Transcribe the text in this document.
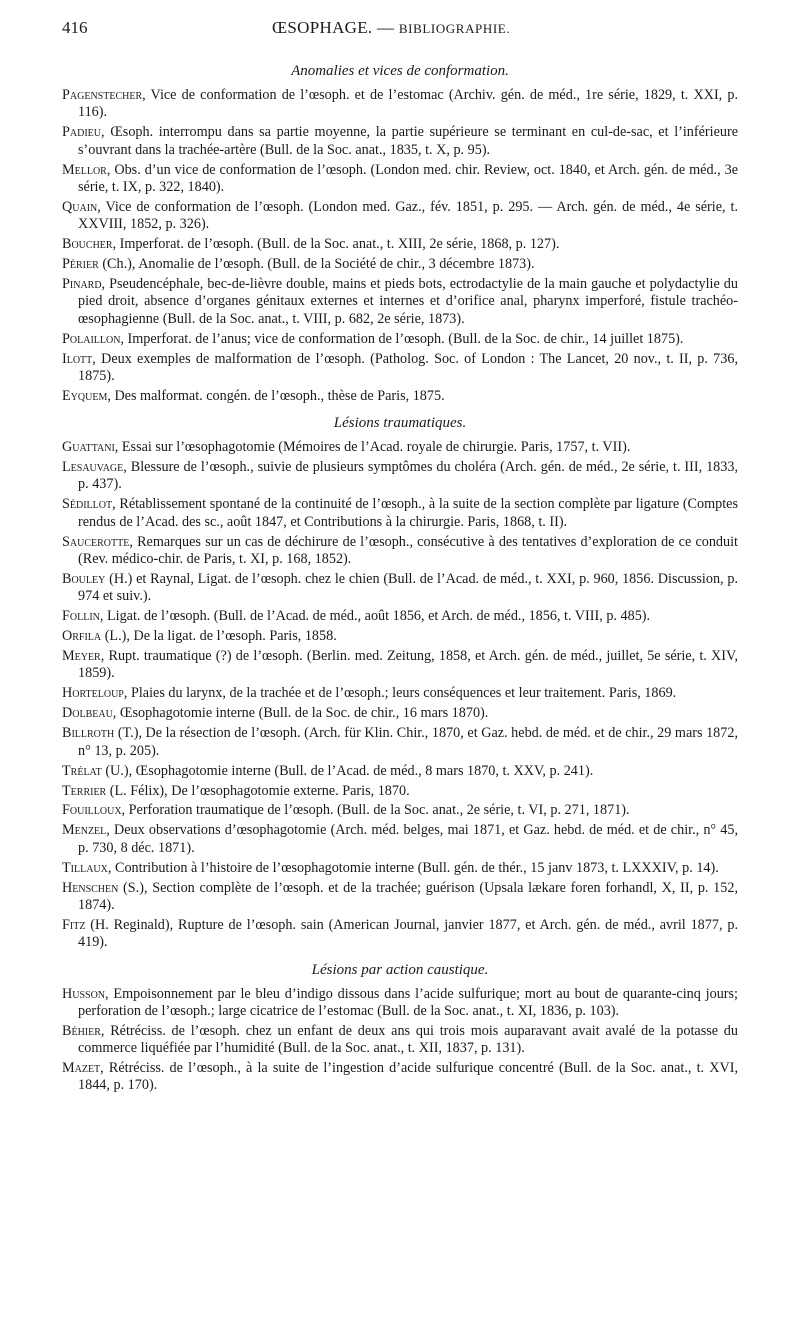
416	ŒSOPHAGE. — BIBLIOGRAPHIE.
Anomalies et vices de conformation.
Pagenstecher, Vice de conformation de l’œsoph. et de l’estomac (Archiv. gén. de méd., 1re série, 1829, t. XXI, p. 116).
Padieu, Œsoph. interrompu dans sa partie moyenne, la partie supérieure se terminant en cul-de-sac, et l’inférieure s’ouvrant dans la trachée-artère (Bull. de la Soc. anat., 1835, t. X, p. 95).
Mellor, Obs. d’un vice de conformation de l’œsoph. (London med. chir. Review, oct. 1840, et Arch. gén. de méd., 3e série, t. IX, p. 322, 1840).
Quain, Vice de conformation de l’œsoph. (London med. Gaz., fév. 1851, p. 295. — Arch. gén. de méd., 4e série, t. XXVIII, 1852, p. 326).
Boucher, Imperforat. de l’œsoph. (Bull. de la Soc. anat., t. XIII, 2e série, 1868, p. 127).
Périer (Ch.), Anomalie de l’œsoph. (Bull. de la Société de chir., 3 décembre 1873).
Pinard, Pseudencéphale, bec-de-lièvre double, mains et pieds bots, ectrodactylie de la main gauche et polydactylie du pied droit, absence d’organes génitaux externes et internes et d’orifice anal, pharynx imperforé, fistule trachéo-œsophagienne (Bull. de la Soc. anat., t. VIII, p. 682, 2e série, 1873).
Polaillon, Imperforat. de l’anus; vice de conformation de l’œsoph. (Bull. de la Soc. de chir., 14 juillet 1875).
Ilott, Deux exemples de malformation de l’œsoph. (Patholog. Soc. of London : The Lancet, 20 nov., t. II, p. 736, 1875).
Eyquem, Des malformat. congén. de l’œsoph., thèse de Paris, 1875.
Lésions traumatiques.
Guattani, Essai sur l’œsophagotomie (Mémoires de l’Acad. royale de chirurgie. Paris, 1757, t. VII).
Lesauvage, Blessure de l’œsoph., suivie de plusieurs symptômes du choléra (Arch. gén. de méd., 2e série, t. III, 1833, p. 437).
Sédillot, Rétablissement spontané de la continuité de l’œsoph., à la suite de la section complète par ligature (Comptes rendus de l’Acad. des sc., août 1847, et Contributions à la chirurgie. Paris, 1868, t. II).
Saucerotte, Remarques sur un cas de déchirure de l’œsoph., consécutive à des tentatives d’exploration de ce conduit (Rev. médico-chir. de Paris, t. XI, p. 168, 1852).
Bouley (H.) et Raynal, Ligat. de l’œsoph. chez le chien (Bull. de l’Acad. de méd., t. XXI, p. 960, 1856. Discussion, p. 974 et suiv.).
Follin, Ligat. de l’œsoph. (Bull. de l’Acad. de méd., août 1856, et Arch. de méd., 1856, t. VIII, p. 485).
Orfila (L.), De la ligat. de l’œsoph. Paris, 1858.
Meyer, Rupt. traumatique (?) de l’œsoph. (Berlin. med. Zeitung, 1858, et Arch. gén. de méd., juillet, 5e série, t. XIV, 1859).
Horteloup, Plaies du larynx, de la trachée et de l’œsoph.; leurs conséquences et leur traitement. Paris, 1869.
Dolbeau, Œsophagotomie interne (Bull. de la Soc. de chir., 16 mars 1870).
Billroth (T.), De la résection de l’œsoph. (Arch. für Klin. Chir., 1870, et Gaz. hebd. de méd. et de chir., 29 mars 1872, n° 13, p. 205).
Trélat (U.), Œsophagotomie interne (Bull. de l’Acad. de méd., 8 mars 1870, t. XXV, p. 241).
Terrier (L. Félix), De l’œsophagotomie externe. Paris, 1870.
Fouilloux, Perforation traumatique de l’œsoph. (Bull. de la Soc. anat., 2e série, t. VI, p. 271, 1871).
Menzel, Deux observations d’œsophagotomie (Arch. méd. belges, mai 1871, et Gaz. hebd. de méd. et de chir., n° 45, p. 730, 8 déc. 1871).
Tillaux, Contribution à l’histoire de l’œsophagotomie interne (Bull. gén. de thér., 15 janv 1873, t. LXXXIV, p. 14).
Henschen (S.), Section complète de l’œsoph. et de la trachée; guérison (Upsala lækare foren forhandl, X, II, p. 152, 1874).
Fitz (H. Reginald), Rupture de l’œsoph. sain (American Journal, janvier 1877, et Arch. gén. de méd., avril 1877, p. 419).
Lésions par action caustique.
Husson, Empoisonnement par le bleu d’indigo dissous dans l’acide sulfurique; mort au bout de quarante-cinq jours; perforation de l’œsoph.; large cicatrice de l’estomac (Bull. de la Soc. anat., t. XI, 1836, p. 103).
Béhier, Rétréciss. de l’œsoph. chez un enfant de deux ans qui trois mois auparavant avait avalé de la potasse du commerce liquéfiée par l’humidité (Bull. de la Soc. anat., t. XII, 1837, p. 131).
Mazet, Rétréciss. de l’œsoph., à la suite de l’ingestion d’acide sulfurique concentré (Bull. de la Soc. anat., t. XVI, 1844, p. 170).
